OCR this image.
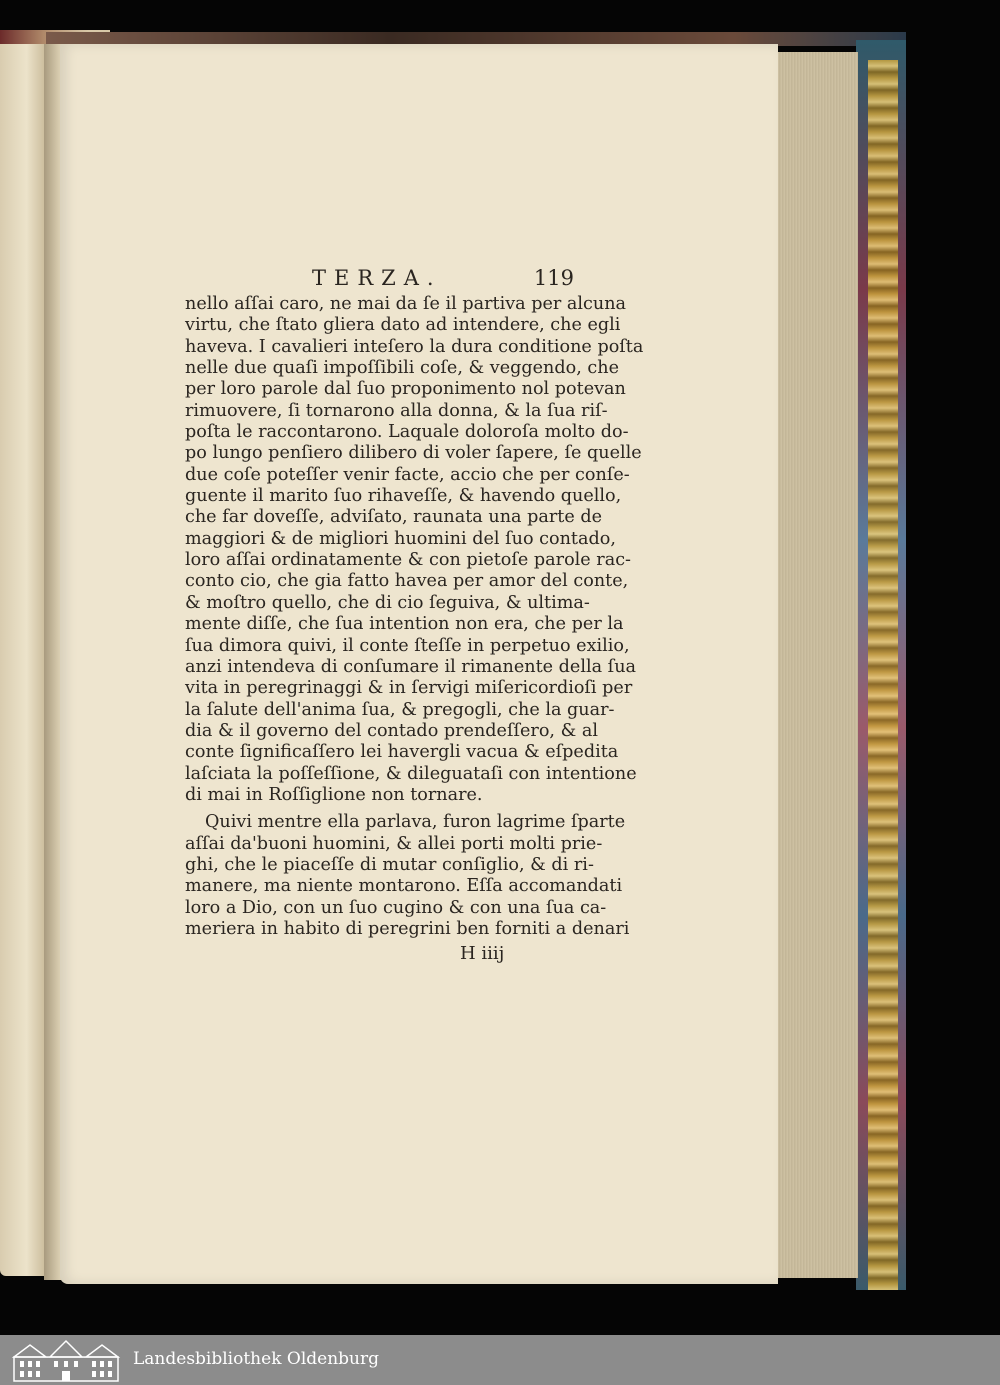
TERZA.	119
nello aſſai caro, ne mai da ſe il partiva per alcuna
virtu, che ſtato gliera dato ad intendere, che egli
haveva. I cavalieri inteſero la dura conditione poſta
nelle due quaſi impoſſibili coſe, & veggendo, che
per loro parole dal ſuo proponimento nol potevan
rimuovere, ſi tornarono alla donna, & la ſua riſ-
poſta le raccontarono. Laquale doloroſa molto do-
po lungo penſiero dilibero di voler ſapere, ſe quelle
due coſe poteſſer venir facte, accio che per conſe-
guente il marito ſuo rihaveſſe, & havendo quello,
che far doveſſe, adviſato, raunata una parte de
maggiori & de migliori huomini del ſuo contado,
loro aſſai ordinatamente & con pietoſe parole rac-
conto cio, che gia fatto havea per amor del conte,
& moſtro quello, che di cio ſeguiva, & ultima-
mente diſſe, che ſua intention non era, che per la
ſua dimora quivi, il conte ſteſſe in perpetuo exilio,
anzi intendeva di conſumare il rimanente della ſua
vita in peregrinaggi & in ſervigi miſericordioſi per
la ſalute dell'anima ſua, & pregogli, che la guar-
dia & il governo del contado prendeſſero, & al
conte ſignificaſſero lei havergli vacua & eſpedita
laſciata la poſſeſſione, & dileguataſi con intentione
di mai in Roſſiglione non tornare.
Quivi mentre ella parlava, furon lagrime ſparte
aſſai da'buoni huomini, & allei porti molti prie-
ghi, che le piaceſſe di mutar conſiglio, & di ri-
manere, ma niente montarono. Eſſa accomandati
loro a Dio, con un ſuo cugino & con una ſua ca-
meriera in habito di peregrini ben forniti a denari
H iiij
Landesbibliothek Oldenburg
